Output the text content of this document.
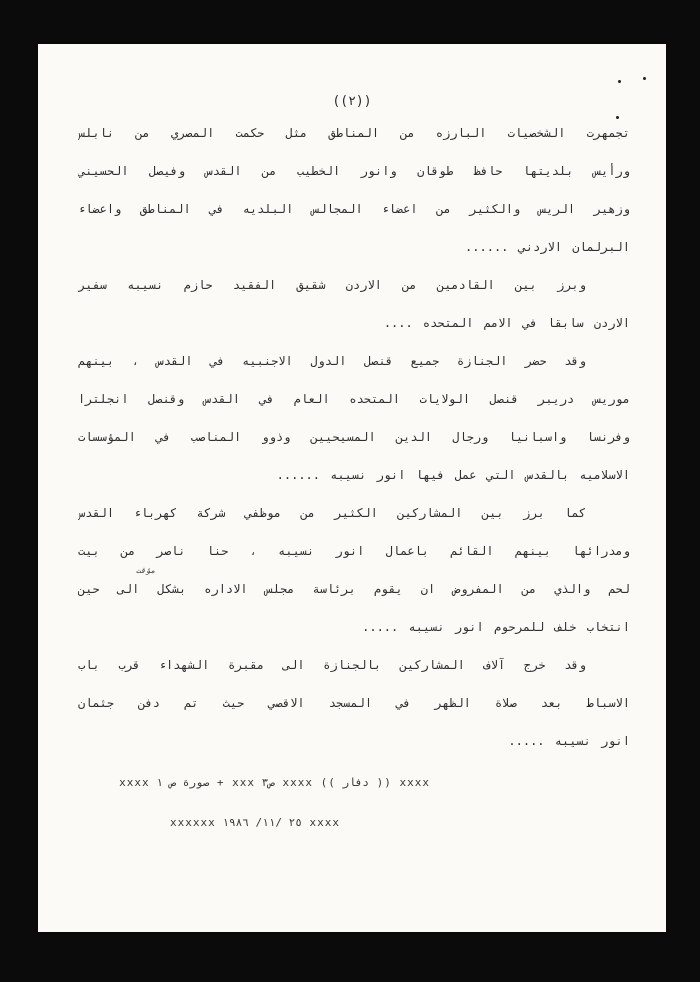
((٢))
تجمهرت الشخصيات البارزه من المناطق مثل حكمت المصري من نابلس
ورأيس بلديتها حافظ طوقان وانور الخطيب من القدس وفيصل الحسيني
وزهير الريس والكثير من اعضاء المجالس البلديه في المناطق واعضاء
البرلمان الاردني ......
وبرز بين القادمين من الاردن شقيق الفقيد حازم نسيبه سفير
الاردن سابقا في الامم المتحده ....
وقد حضر الجنازة جميع قنصل الدول الاجنبيه في القدس ، بينهم
موريس دريبر قنصل الولايات المتحده العام في القدس وقنصل انجلترا
وفرنسا واسبانيا ورجال الدين المسيحيين وذوو المناصب في المؤسسات
الاسلاميه بالقدس التي عمل فيها انور نسيبه ......
كما برز بين المشاركين الكثير من موظفي شركة كهرباء القدس
ومدرائها بينهم القائم باعمال انور نسيبه ، حنا ناصر من بيت
لحم والذي من المفروض ان يقوم برئاسة مجلس الاداره بشكل الى حين
انتخاب خلف للمرحوم انور نسيبه .....
وقد خرج آلاف المشاركين بالجنازة الى مقبرة الشهداء قرب باب
الاسباط بعد صلاة الظهر في المسجد الاقصي حيث تم دفن جثمان
انور نسيبه .....
مؤقت
xxxx (( دفار )) xxxx ص٣ xxx + صورة ص ١ xxxx
xxxx ٢٥ /١١/ ١٩٨٦ xxxxxx
